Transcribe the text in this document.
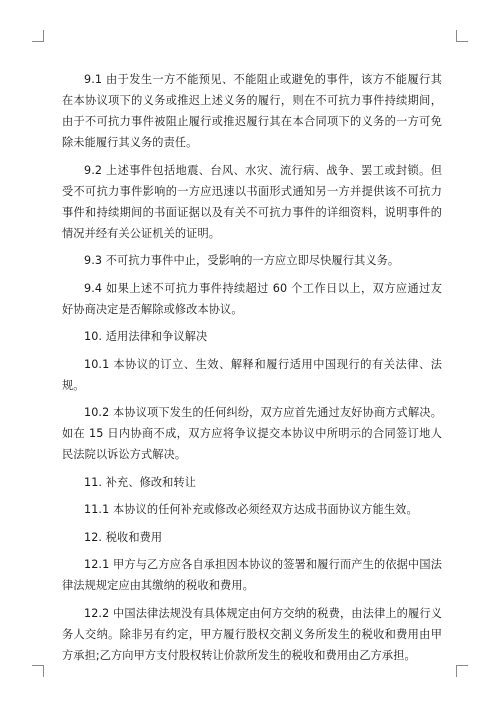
9.1 由于发生一方不能预见、不能阻止或避免的事件，该方不能履行其在本协议项下的义务或推迟上述义务的履行，则在不可抗力事件持续期间，由于不可抗力事件被阻止履行或推迟履行其在本合同项下的义务的一方可免除未能履行其义务的责任。

9.2 上述事件包括地震、台风、水灾、流行病、战争、罢工或封锁。但受不可抗力事件影响的一方应迅速以书面形式通知另一方并提供该不可抗力事件和持续期间的书面证据以及有关不可抗力事件的详细资料，说明事件的情况并经有关公证机关的证明。

9.3 不可抗力事件中止，受影响的一方应立即尽快履行其义务。

9.4 如果上述不可抗力事件持续超过 60 个工作日以上，双方应通过友好协商决定是否解除或修改本协议。

10. 适用法律和争议解决

10.1 本协议的订立、生效、解释和履行适用中国现行的有关法律、法规。

10.2 本协议项下发生的任何纠纷，双方应首先通过友好协商方式解决。如在 15 日内协商不成，双方应将争议提交本协议中所明示的合同签订地人民法院以诉讼方式解决。

11. 补充、修改和转让

11.1 本协议的任何补充或修改必须经双方达成书面协议方能生效。

12. 税收和费用

12.1 甲方与乙方应各自承担因本协议的签署和履行而产生的依据中国法律法规规定应由其缴纳的税收和费用。

12.2 中国法律法规没有具体规定由何方交纳的税费，由法律上的履行义务人交纳。除非另有约定，甲方履行股权交割义务所发生的税收和费用由甲方承担;乙方向甲方支付股权转让价款所发生的税收和费用由乙方承担。
